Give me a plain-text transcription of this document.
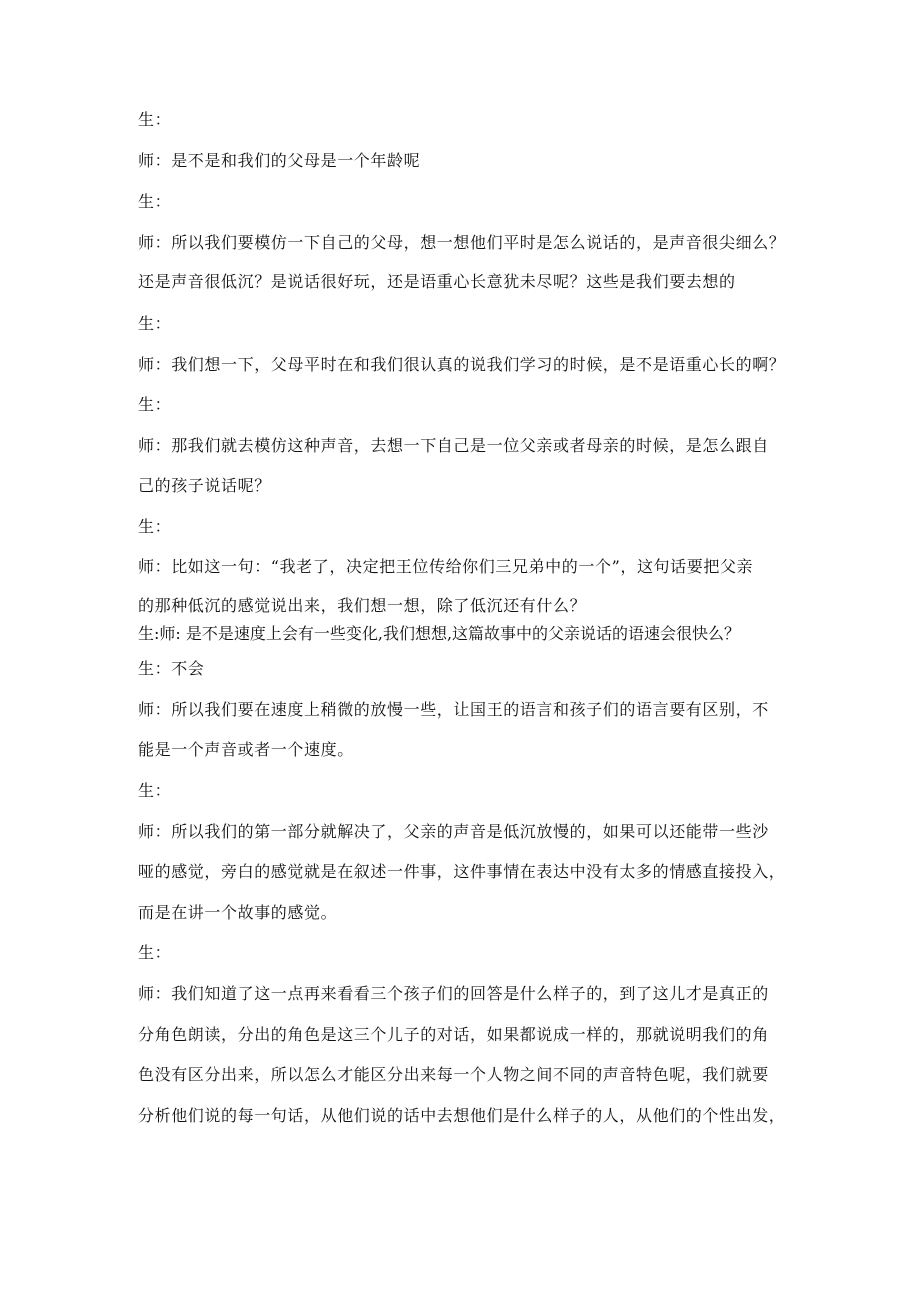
生：
师：是不是和我们的父母是一个年龄呢
生：
师：所以我们要模仿一下自己的父母，想一想他们平时是怎么说话的，是声音很尖细么？
还是声音很低沉？是说话很好玩，还是语重心长意犹未尽呢？这些是我们要去想的
生：
师：我们想一下，父母平时在和我们很认真的说我们学习的时候，是不是语重心长的啊？
生：
师：那我们就去模仿这种声音，去想一下自己是一位父亲或者母亲的时候，是怎么跟自
己的孩子说话呢？
生：
师：比如这一句：“我老了，决定把王位传给你们三兄弟中的一个”，这句话要把父亲
的那种低沉的感觉说出来，我们想一想，除了低沉还有什么？
生:师: 是不是速度上会有一些变化,我们想想,这篇故事中的父亲说话的语速会很快么？
生：不会
师：所以我们要在速度上稍微的放慢一些，让国王的语言和孩子们的语言要有区别，不
能是一个声音或者一个速度。
生：
师：所以我们的第一部分就解决了，父亲的声音是低沉放慢的，如果可以还能带一些沙
哑的感觉，旁白的感觉就是在叙述一件事，这件事情在表达中没有太多的情感直接投入，
而是在讲一个故事的感觉。
生：
师：我们知道了这一点再来看看三个孩子们的回答是什么样子的，到了这儿才是真正的
分角色朗读，分出的角色是这三个儿子的对话，如果都说成一样的，那就说明我们的角
色没有区分出来，所以怎么才能区分出来每一个人物之间不同的声音特色呢，我们就要
分析他们说的每一句话，从他们说的话中去想他们是什么样子的人，从他们的个性出发，
